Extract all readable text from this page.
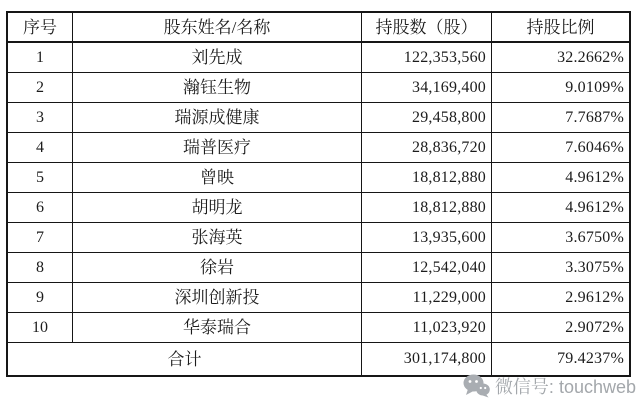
序号	股东姓名/名称	持股数（股）	持股比例
1	刘先成	122,353,560	32.2662%
2	瀚钰生物	34,169,400	9.0109%
3	瑞源成健康	29,458,800	7.7687%
4	瑞普医疗	28,836,720	7.6046%
5	曾映	18,812,880	4.9612%
6	胡明龙	18,812,880	4.9612%
7	张海英	13,935,600	3.6750%
8	徐岩	12,542,040	3.3075%
9	深圳创新投	11,229,000	2.9612%
10	华泰瑞合	11,023,920	2.9072%
合计	301,174,800	79.4237%
微信号: touchweb
